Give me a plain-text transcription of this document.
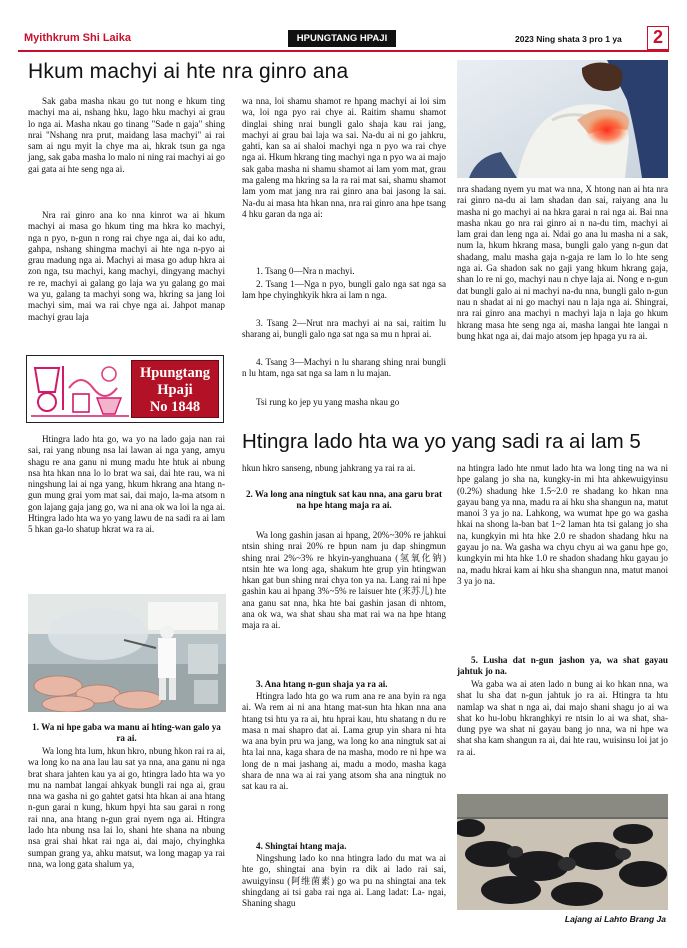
Myithkrum Shi Laika	HPUNGTANG HPAJI	2023 Ning shata 3 pro 1 ya	2
Hkum machyi ai hte nra ginro ana
Sak gaba masha nkau go tut nong e hkum ting machyi ma ai, nshang hku, lago hku machyi ai grau lo nga ai. Masha nkau go tinang "Sade n gaja" shing nrai "Nshang nra prut, maidang lasa machyi" ai rai sam ai ngu myit la chye ma ai, hkrak tsun ga nga jang, sak gaba masha lo malo ni ning rai machyi ai go gai gata ai hte seng nga ai.
Nra rai ginro ana ko nna kinrot wa ai hkum machyi ai masa go hkum ting ma hkra ko machyi, nga n pyo, n-gun n rong rai chye nga ai, dai ko adu, gahpa, nshang shingma machyi ai hte nga n-pyo ai grau madung nga ai. Machyi ai masa go adup hkra ai zon nga, tsu machyi, kang machyi, dingyang machyi re re, machyi ai galang go laja wa yu galang go mai wa yu, galang ta machyi song wa, hkring sa jang loi machyi sim, mai wa rai chye nga ai. Jahpot manap machyi grau laja
Hpungtang
Hpaji
No 1848
Htingra lado hta go, wa yo na lado gaja nan rai sai, rai yang nbung nsa lai lawan ai nga yang, amyu shagu re ana ganu ni mung madu hte htuk ai nbung nsa hta hkan nna lo lo brat wa sai, dai hte rau, wa ni ningshung lai ai nga yang, hkum hkrang ana htang n-gun mung grai yom mat sai, dai majo, la-ma atsom n gon lajang gaja jang go, wa ni ana ok wa loi la nga ai. Htingra lado hta wa yo yang lawu de na sadi ra ai lam 5 hkan ga-lo shatup hkrat wa ra ai.
wa nna, loi shamu shamot re hpang machyi ai loi sim wa, loi nga pyo rai chye ai. Raitim shamu shamot dinglai shing nrai bungli galo shaja kau rai jang, machyi ai grau bai laja wa sai. Na-du ai ni go jahkru, gahti, kan sa ai shaloi machyi nga n pyo wa rai chye nga ai. Hkum hkrang ting machyi nga n pyo wa ai majo sak gaba masha ni shamu shamot ai lam yom mat, grau ma galeng ma hkring sa la ra rai mat sai, shamu shamot lam yom mat jang nra rai ginro ana bai jasong la sai. Na-du ai masa hta hkan nna, nra rai ginro ana hpe tsang 4 hku garan da nga ai:
1. Tsang 0—Nra n machyi.
2. Tsang 1—Nga n pyo, bungli galo nga sat nga sa lam hpe chyinghkyik hkra ai lam n nga.
3. Tsang 2—Nrut nra machyi ai na sai, raitim lu sharang ai, bungli galo nga sat nga sa mu n hprai ai.
4. Tsang 3—Machyi n lu sharang shing nrai bungli n lu htam, nga sat nga sa lam n lu majan.
Tsi rung ko jep yu yang masha nkau go
nra shadang nyem yu mat wa nna, X htong nan ai hta nra rai ginro na-du ai lam shadan dan sai, raiyang ana lu masha ni go machyi ai na hkra garai n rai nga ai. Bai nna masha nkau go nra rai ginro ai n na-du tim, machyi ai lam grai dan leng nga ai. Ndai go ana lu masha ni a sak, num la, hkum hkrang masa, bungli galo yang n-gun dat shadang, malu masha gaja n-gaja re lam lo lo hte seng nga ai. Ga shadon sak no gaji yang hkum hkrang gaja, shan lo re ni go, machyi nau n chye laja ai. Nong e n-gun dat bungli galo ai ni machyi na-du nna, bungli galo n-gun nau n shadat ai ni go machyi nau n laja nga ai. Shingrai, nra rai ginro ana machyi n machyi laja n laja go hkum hkrang masa hte seng nga ai, masha langai hte langai n bung hkat nga ai, dai majo atsom jep hpaga yu ra ai.
Htingra lado hta wa yo yang sadi ra ai lam 5
1. Wa ni hpe gaba wa manu ai hting-wan galo ya ra ai.
Wa long hta lum, hkun hkro, nbung hkon rai ra ai, wa long ko na ana lau lau sat ya nna, ana ganu ni nga brat shara jahten kau ya ai go, htingra lado hta wa yo mu na nambat langai ahkyak bungli rai nga ai, grau nna wa gasha ni go gahtet gatsi hta hkan ai ana htang n-gun garai n kung, hkum hpyi hta sau garai n rong rai nna, ana htang n-gun grai nyem nga ai. Htingra lado hta nbung nsa lai lo, shani hte shana na nbung nsa grai shai hkat rai nga ai, dai majo, chyinghka sumpan grang ya, ahku matsut, wa long magap ya rai nna, wa long gata shalum ya,
hkun hkro sanseng, nbung jahkrang ya rai ra ai.
2. Wa long ana ningtuk sat kau nna, ana garu brat na hpe htang maja ra ai.
Wa long gashin jasan ai hpang, 20%~30% re jahkui ntsin shing nrai 20% re hpun nam ju dap shingmun shing nrai 2%~3% re hkyin-yanghuana (氢氧化钠) ntsin hte wa long aga, shakum hte grup yin htingwan hkan gat bun shing nrai chya ton ya na. Lang rai ni hpe gashin kau ai hpang 3%~5% re laisuer hte (来苏儿) hte ana ganu sat nna, hka hte bai gashin jasan di nhtom, ana ok wa, wa shat shau sha mat rai wa na hpe htang maja ra ai.
3. Ana htang n-gun shaja ya ra ai.
Htingra lado hta go wa rum ana re ana byin ra nga ai. Wa rem ai ni ana htang mat-sun hta hkan nna ana htang tsi htu ya ra ai, htu hprai kau, htu shatang n du re masa n mai shapro dat ai. Lama grup yin shara ni hta wa ana byin pru wa jang, wa long ko ana ningtuk sat ai hta lai nna, kaga shara de na masha, modo re ni hpe wa long de n mai jashang ai, madu a modo, masha kaga shara de nna wa ai rai yang atsom sha ana ningtuk no sat kau ra ai.
4. Shingtai htang maja.
Ningshung lado ko nna htingra lado du mat wa ai hte go, shingtai ana byin ra dik ai lado rai sai, awuigyinsu (阿维菌素) go wa pu na shingtai ana tek shingdang ai tsi gaba rai nga ai. Lang ladat: La- ngai, Shaning shagu
na htingra lado hte nmut lado hta wa long ting na wa ni hpe galang jo sha na, kungky-in mi hta ahkewuigyinsu (0.2%) shadung hke 1.5~2.0 re shadang ko hkan nna gayau bang ya nna, madu ra ai hku sha shangun na, matut manoi 3 ya jo na. Lahkong, wa wumat hpe go wa gasha hkai na shong la-ban bat 1~2 laman hta tsi galang jo sha na, kungkyin mi hta hke 2.0 re shadon shadang hku na gayau jo na. Wa gasha wa chyu chyu ai wa ganu hpe go, kungkyin mi hta hke 1.0 re shadon shadang hku gayau jo na, madu hkrai kam ai hku sha shangun nna, matut manoi 3 ya jo na.
5. Lusha dat n-gun jashon ya, wa shat gayau jahtuk jo na.
Wa gaba wa ai aten lado n bung ai ko hkan nna, wa shat lu sha dat n-gun jahtuk jo ra ai. Htingra ta htu namlap wa shat n nga ai, dai majo shani shagu jo ai wa shat ko hu-lobu hkranghkyi re ntsin lo ai wa shat, sha-dung pye wa shat ni gayau bang jo nna, wa ni hpe wa shat sha kam shangun ra ai, dai hte rau, wuisinsu loi jat jo ra ai.
Lajang ai Lahto Brang Ja
